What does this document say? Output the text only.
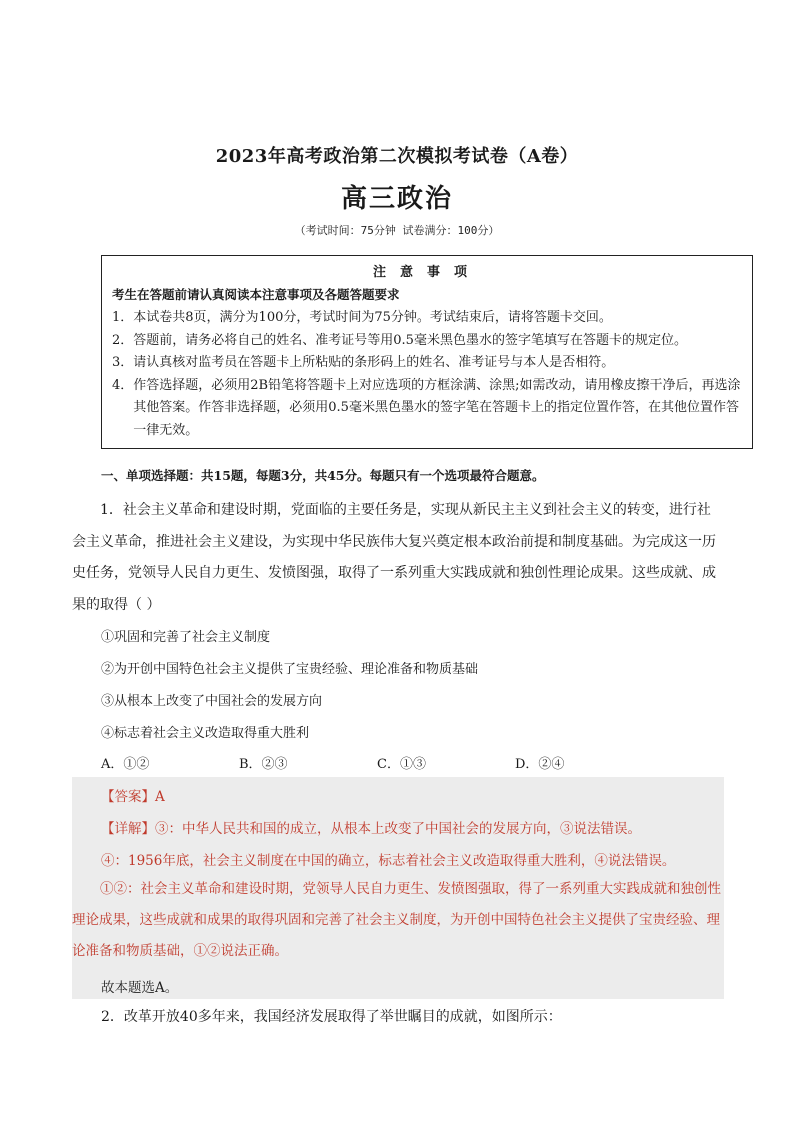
2023年高考政治第二次模拟考试卷（A卷）
高三政治
（考试时间：75分钟 试卷满分：100分）
注意事项
考生在答题前请认真阅读本注意事项及各题答题要求
1． 本试卷共8页，满分为100分，考试时间为75分钟。考试结束后，请将答题卡交回。
2． 答题前，请务必将自己的姓名、准考证号等用0.5毫米黑色墨水的签字笔填写在答题卡的规定位。
3． 请认真核对监考员在答题卡上所粘贴的条形码上的姓名、准考证号与本人是否相符。
4． 作答选择题，必须用2B铅笔将答题卡上对应选项的方框涂满、涂黑;如需改动，请用橡皮擦干净后，再选涂其他答案。作答非选择题，必须用0.5毫米黑色墨水的签字笔在答题卡上的指定位置作答，在其他位置作答一律无效。
一、单项选择题：共15题，每题3分，共45分。每题只有一个选项最符合题意。
1．社会主义革命和建设时期，党面临的主要任务是，实现从新民主主义到社会主义的转变，进行社会主义革命，推进社会主义建设，为实现中华民族伟大复兴奠定根本政治前提和制度基础。为完成这一历史任务，党领导人民自力更生、发愤图强，取得了一系列重大实践成就和独创性理论成果。这些成就、成果的取得（ ）
①巩固和完善了社会主义制度
②为开创中国特色社会主义提供了宝贵经验、理论准备和物质基础
③从根本上改变了中国社会的发展方向
④标志着社会主义改造取得重大胜利
A．①②	B．②③	C．①③	D．②④
【答案】A
【详解】③：中华人民共和国的成立，从根本上改变了中国社会的发展方向，③说法错误。
④：1956年底，社会主义制度在中国的确立，标志着社会主义改造取得重大胜利，④说法错误。
①②：社会主义革命和建设时期，党领导人民自力更生、发愤图强取，得了一系列重大实践成就和独创性理论成果，这些成就和成果的取得巩固和完善了社会主义制度，为开创中国特色社会主义提供了宝贵经验、理论准备和物质基础，①②说法正确。
故本题选A。
2．改革开放40多年来，我国经济发展取得了举世瞩目的成就，如图所示：
